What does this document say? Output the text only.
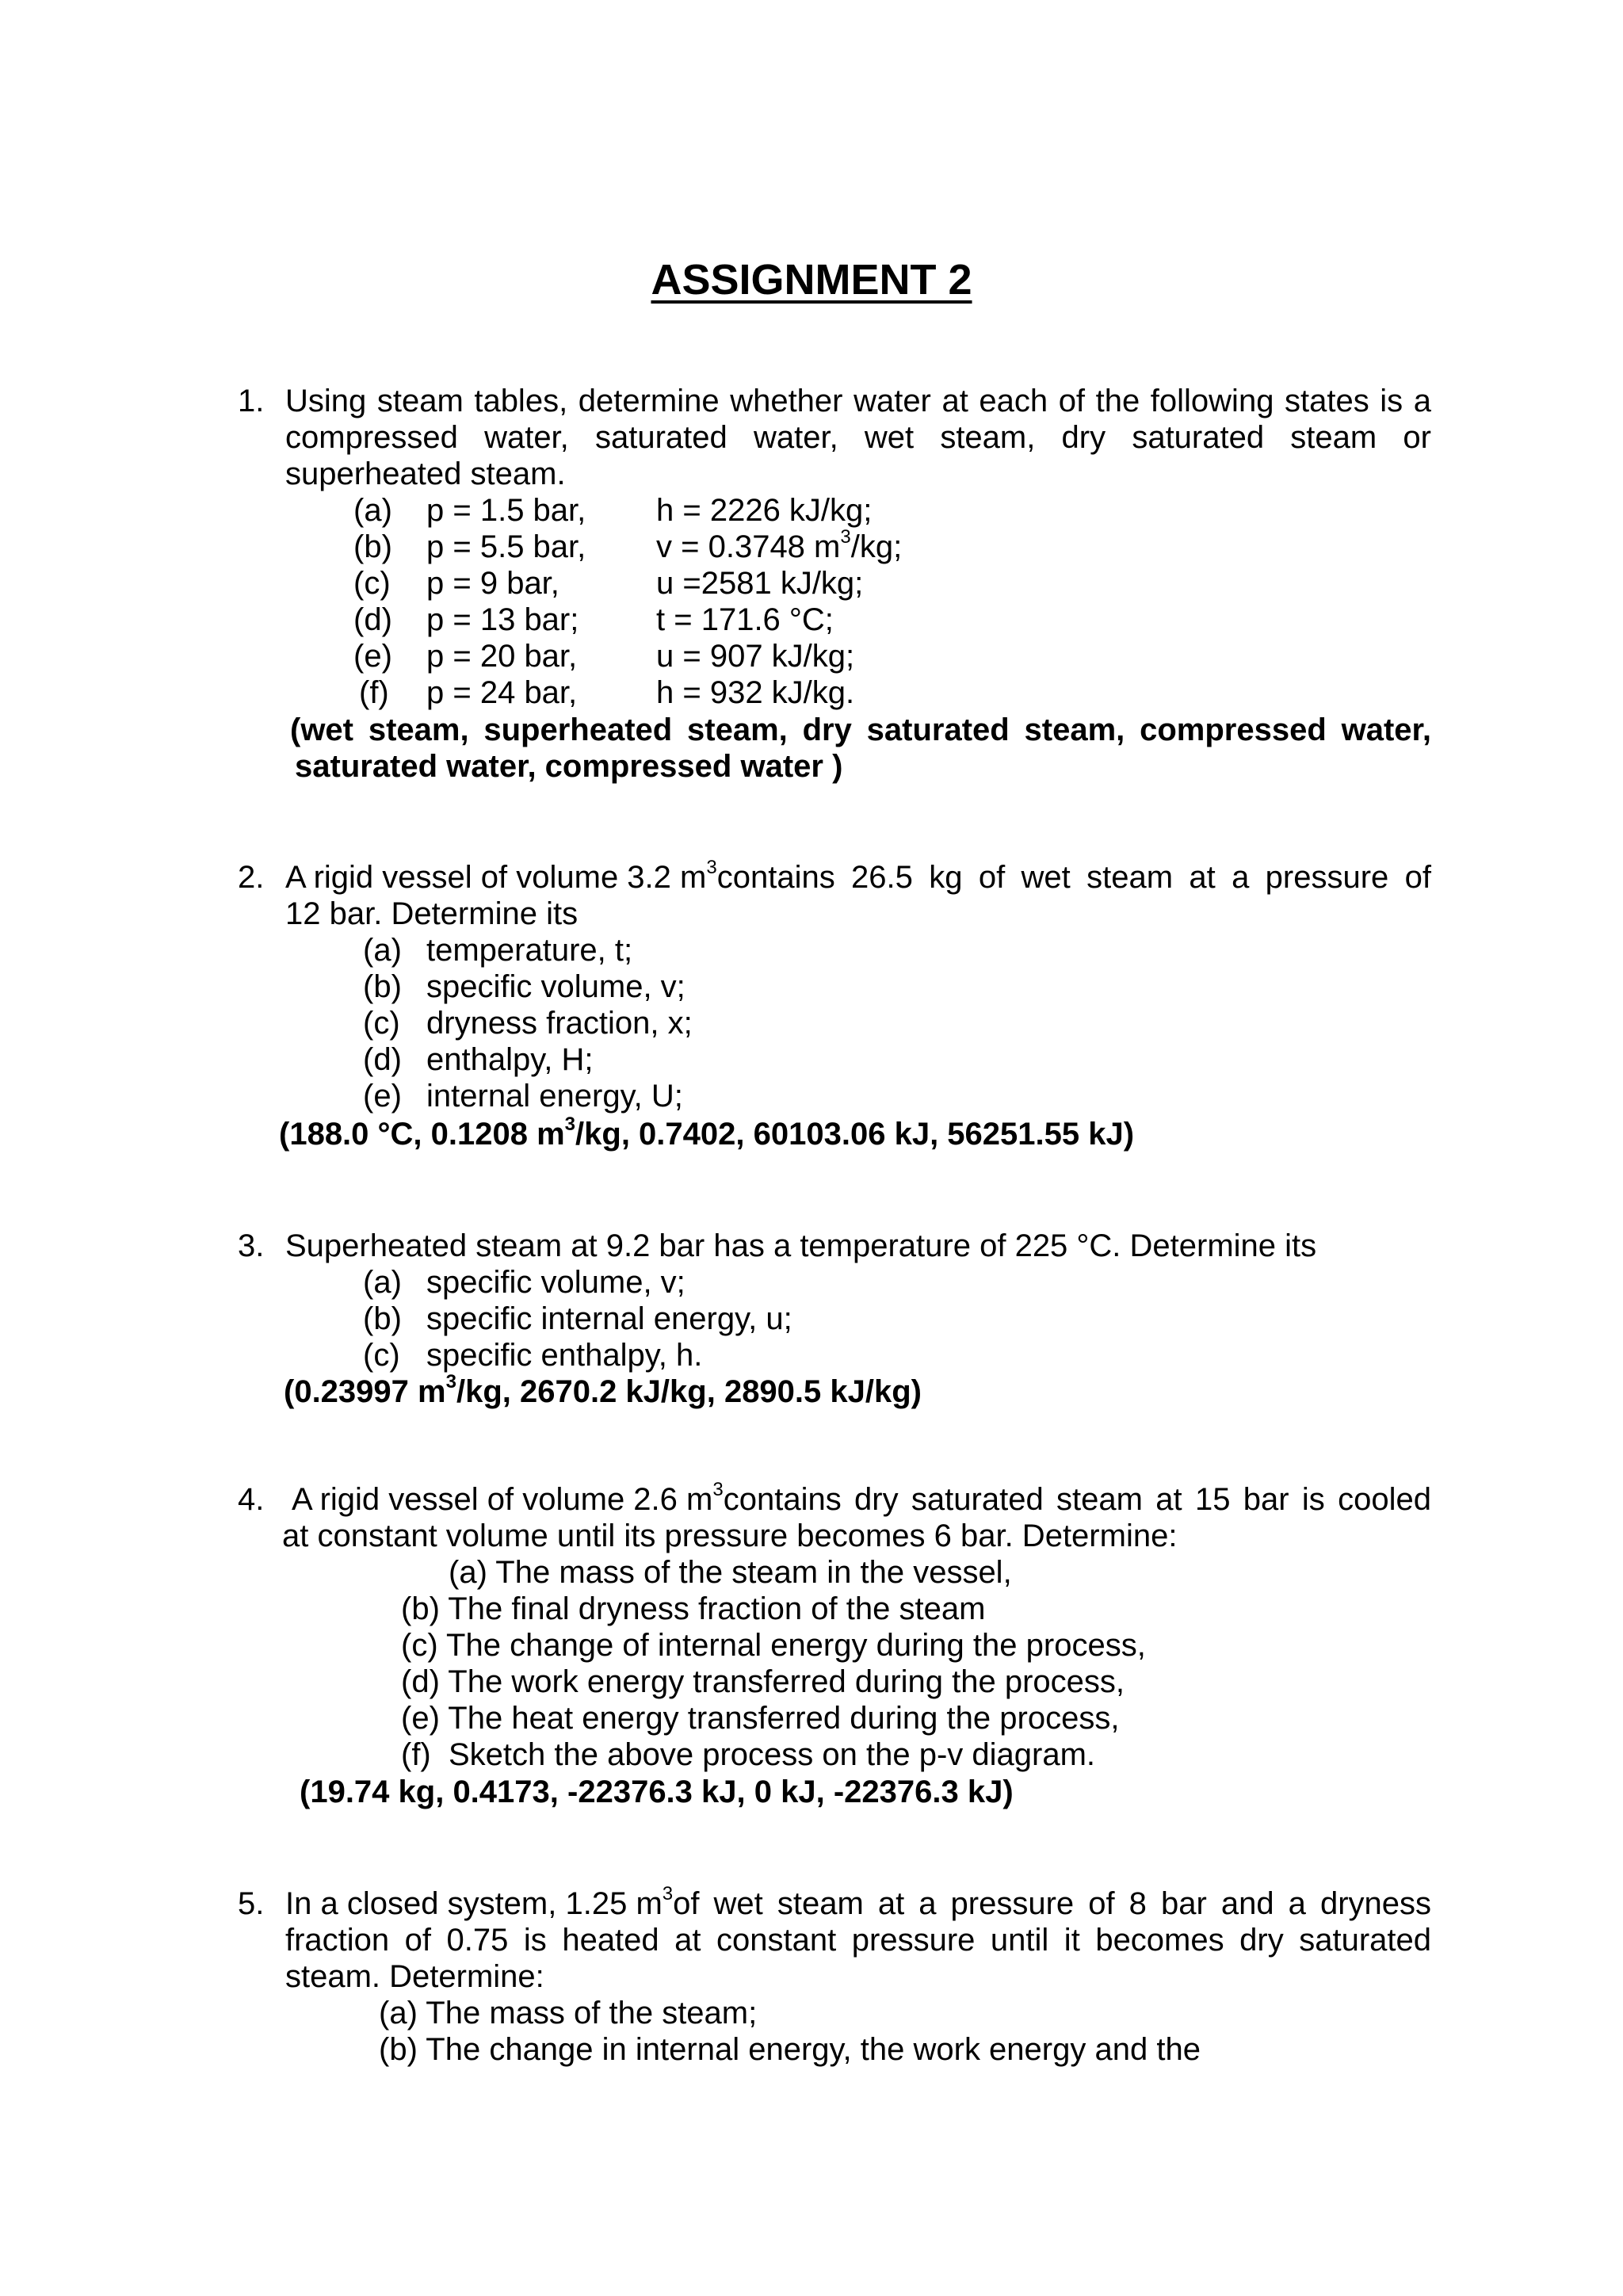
ASSIGNMENT 2
1. Using steam tables, determine whether water at each of the following states is a
compressed water, saturated water, wet steam, dry saturated steam or
superheated steam.
(a) p = 1.5 bar, h = 2226 kJ/kg;
(b) p = 5.5 bar, v = 0.3748 $m^3/kg$;
(c) p = 9 bar,	u =2581 kJ/kg;
(d) p = 13 bar; t = 171.6 °C;
(e) p = 20 bar, u = 907 kJ/kg;
(f) p = 24 bar, h = 932 kJ/kg.
(wet steam, superheated steam, dry saturated steam, compressed water,
saturated water, compressed water )
2. A rigid vessel of volume 3.2 $m^3$ contains 26.5 kg of wet steam at a pressure of
12 bar. Determine its
(a) temperature, t;
(b) specific volume, v;
(c) dryness fraction, x;
(d) enthalpy, H;
(e) internal energy, U;
(188.0 °C, 0.1208 $m^3/kg$, 0.7402, 60103.06 kJ, 56251.55 kJ)
3. Superheated steam at 9.2 bar has a temperature of 225 °C. Determine its
(a) specific volume, v;
(b) specific internal energy, u;
(c) specific enthalpy, h.
(0.23997 $m^3/kg$, 2670.2 kJ/kg, 2890.5 kJ/kg)
4. A rigid vessel of volume 2.6 $m^3$ contains dry saturated steam at 15 bar is cooled
at constant volume until its pressure becomes 6 bar. Determine:
(a) The mass of the steam in the vessel,
(b) The final dryness fraction of the steam
(c) The change of internal energy during the process,
(d) The work energy transferred during the process,
(e) The heat energy transferred during the process,
(f)  Sketch the above process on the p-v diagram.
(19.74 kg, 0.4173, -22376.3 kJ, 0 kJ, -22376.3 kJ)
5. In a closed system, 1.25 $m^3$ of wet steam at a pressure of 8 bar and a dryness
fraction of 0.75 is heated at constant pressure until it becomes dry saturated
steam. Determine:
(a) The mass of the steam;
(b) The change in internal energy, the work energy and the
